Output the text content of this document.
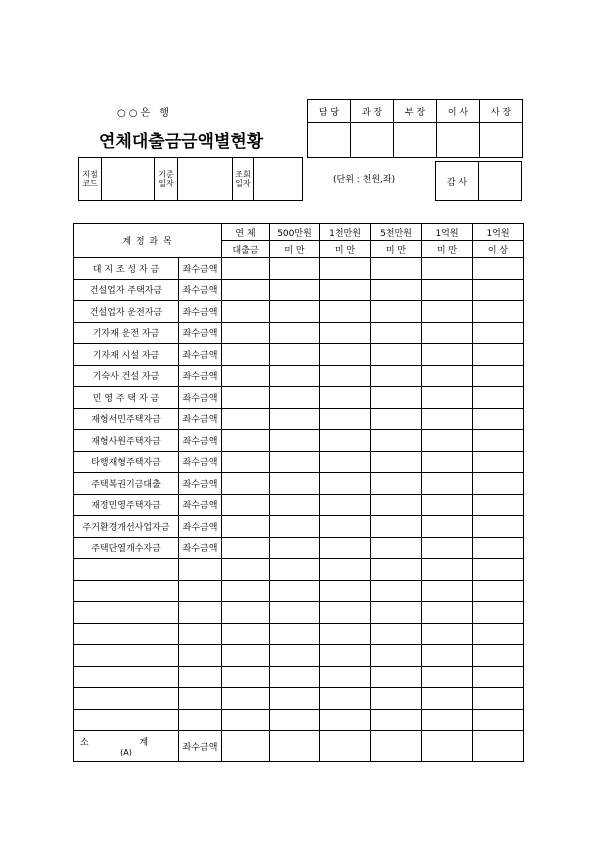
○○은 행
연체대출금금액별현황
담 당	과 장	부 장	이 사	사 장

지점 코드		기준 일자		조회 일자		(단위 : 천원,좌)	감 사	
계 정 과 목		연 체	500만원	1천만원	5천만원	1억원	1억원
		대출금	미 만	미 만	미 만	미 만	이 상
대 지 조 성 자 금	좌수금액						
건설업자 주택자금	좌수금액						
건설업자 운전자금	좌수금액						
기자재 운전 자금	좌수금액						
기자재 시설 자금	좌수금액						
기숙사 건설 자금	좌수금액						
민 영 주 택 자 금	좌수금액						
재형서민주택자금	좌수금액						
재형사원주택자금	좌수금액						
타행재형주택자금	좌수금액						
주택복권기금대출	좌수금액						
재정민영주택자금	좌수금액						
주거환경개선사업자금	좌수금액						
주택단열개수자금	좌수금액						

소 계
(A)	좌수금액						
